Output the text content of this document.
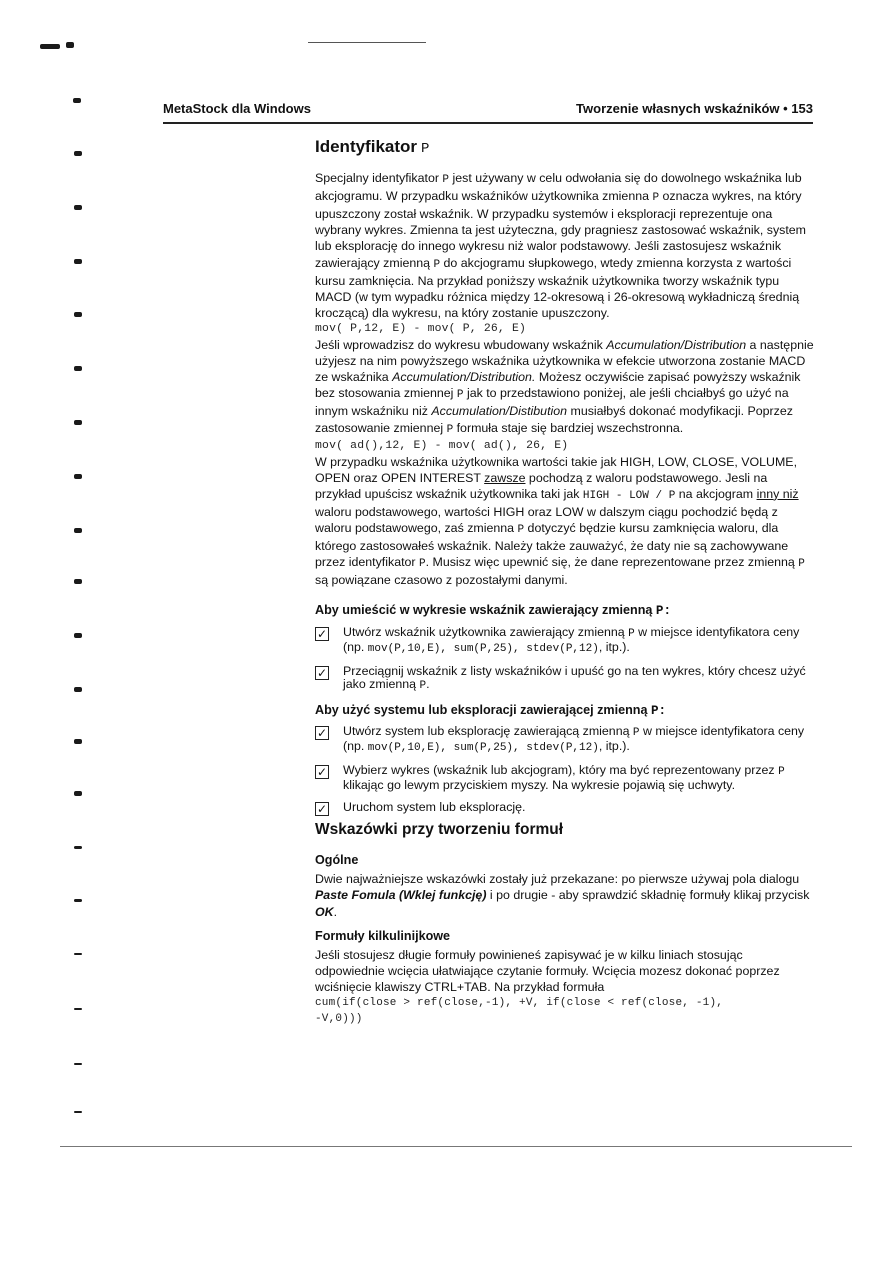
MetaStock dla Windows	Tworzenie własnych wskaźników • 153
Identyfikator P

Specjalny identyfikator P jest używany w celu odwołania się do dowolnego wskaźnika lub akcjogramu. W przypadku wskaźników użytkownika zmienna P oznacza wykres, na który upuszczony został wskaźnik. W przypadku systemów i eksploracji reprezentuje ona wybrany wykres. Zmienna ta jest użyteczna, gdy pragniesz zastosować wskaźnik, system lub eksplorację do innego wykresu niż walor podstawowy. Jeśli zastosujesz wskaźnik zawierający zmienną P do akcjogramu słupkowego, wtedy zmienna korzysta z wartości kursu zamknięcia. Na przykład poniższy wskaźnik użytkownika tworzy wskaźnik typu MACD (w tym wypadku różnica między 12-okresową i 26-okresową wykładniczą średnią kroczącą) dla wykresu, na który zostanie upuszczony.

mov( P,12, E) - mov( P, 26, E)

Jeśli wprowadzisz do wykresu wbudowany wskaźnik Accumulation/Distribution a następnie użyjesz na nim powyższego wskaźnika użytkownika w efekcie utworzona zostanie MACD ze wskaźnika Accumulation/Distribution. Możesz oczywiście zapisać powyższy wskaźnik bez stosowania zmiennej P jak to przedstawiono poniżej, ale jeśli chciałbyś go użyć na innym wskaźniku niż Accumulation/Distibution musiałbyś dokonać modyfikacji. Poprzez zastosowanie zmiennej P formuła staje się bardziej wszechstronna.

mov( ad(),12, E) - mov( ad(), 26, E)

W przypadku wskaźnika użytkownika wartości takie jak HIGH, LOW, CLOSE, VOLUME, OPEN oraz OPEN INTEREST zawsze pochodzą z waloru podstawowego. Jesli na przykład upuścisz wskaźnik użytkownika taki jak HIGH - LOW / P na akcjogram inny niż waloru podstawowego, wartości HIGH oraz LOW w dalszym ciągu pochodzić będą z waloru podstawowego, zaś zmienna P dotyczyć będzie kursu zamknięcia waloru, dla którego zastosowałeś wskaźnik. Należy także zauważyć, że daty nie są zachowywane przez identyfikator P. Musisz więc upewnić się, że dane reprezentowane przez zmienną P są powiązane czasowo z pozostałymi danymi.

Aby umieścić w wykresie wskaźnik zawierający zmienną P:
✓ Utwórz wskaźnik użytkownika zawierający zmienną P w miejsce identyfikatora ceny (np. mov(P,10,E), sum(P,25), stdev(P,12), itp.).
✓ Przeciągnij wskaźnik z listy wskaźników i upuść go na ten wykres, który chcesz użyć jako zmienną P.
Aby użyć systemu lub eksploracji zawierającej zmienną P:
✓ Utwórz system lub eksplorację zawierającą zmienną P w miejsce identyfikatora ceny (np. mov(P,10,E), sum(P,25), stdev(P,12), itp.).
✓ Wybierz wykres (wskaźnik lub akcjogram), który ma być reprezentowany przez P klikając go lewym przyciskiem myszy. Na wykresie pojawią się uchwyty.
✓ Uruchom system lub eksplorację.
Wskazówki przy tworzeniu formuł
Ogólne

Dwie najważniejsze wskazówki zostały już przekazane: po pierwsze używaj pola dialogu Paste Fomula (Wklej funkcję) i po drugie - aby sprawdzić składnię formuły klikaj przycisk OK.

Formuły kilkulinijkowe

Jeśli stosujesz długie formuły powinieneś zapisywać je w kilku liniach stosując odpowiednie wcięcia ułatwiające czytanie formuły. Wcięcia mozesz dokonać poprzez wciśnięcie klawiszy CTRL+TAB. Na przykład formuła

cum(if(close > ref(close,-1), +V, if(close < ref(close, -1),

-V,0)))
